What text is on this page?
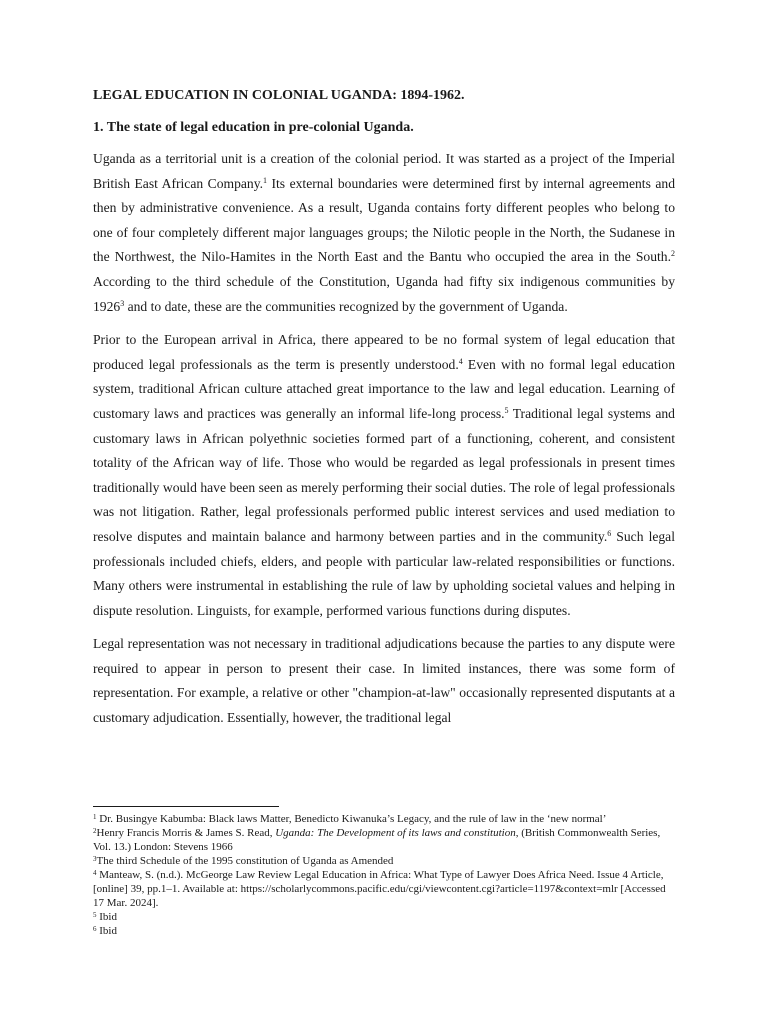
LEGAL EDUCATION IN COLONIAL UGANDA: 1894-1962.

1. The state of legal education in pre-colonial Uganda.

Uganda as a territorial unit is a creation of the colonial period. It was started as a project of the Imperial British East African Company.$^1$ Its external boundaries were determined first by internal agreements and then by administrative convenience. As a result, Uganda contains forty different peoples who belong to one of four completely different major languages groups; the Nilotic people in the North, the Sudanese in the Northwest, the Nilo-Hamites in the North East and the Bantu who occupied the area in the South.$^2$ According to the third schedule of the Constitution, Uganda had fifty six indigenous communities by 1926$^3$ and to date, these are the communities recognized by the government of Uganda.

Prior to the European arrival in Africa, there appeared to be no formal system of legal education that produced legal professionals as the term is presently understood.$^4$ Even with no formal legal education system, traditional African culture attached great importance to the law and legal education. Learning of customary laws and practices was generally an informal life-long process.$^5$ Traditional legal systems and customary laws in African polyethnic societies formed part of a functioning, coherent, and consistent totality of the African way of life. Those who would be regarded as legal professionals in present times traditionally would have been seen as merely performing their social duties. The role of legal professionals was not litigation. Rather, legal professionals performed public interest services and used mediation to resolve disputes and maintain balance and harmony between parties and in the community.$^6$ Such legal professionals included chiefs, elders, and people with particular law-related responsibilities or functions. Many others were instrumental in establishing the rule of law by upholding societal values and helping in dispute resolution. Linguists, for example, performed various functions during disputes.

Legal representation was not necessary in traditional adjudications because the parties to any dispute were required to appear in person to present their case. In limited instances, there was some form of representation. For example, a relative or other "champion-at-law" occasionally represented disputants at a customary adjudication. Essentially, however, the traditional legal

$^1$ Dr. Busingye Kabumba: Black laws Matter, Benedicto Kiwanuka’s Legacy, and the rule of law in the ‘new normal’

$^2$Henry Francis Morris & James S. Read, Uganda: The Development of its laws and constitution, (British Commonwealth Series, Vol. 13.) London: Stevens 1966

$^3$The third Schedule of the 1995 constitution of Uganda as Amended

$^4$ Manteaw, S. (n.d.). McGeorge Law Review Legal Education in Africa: What Type of Lawyer Does Africa Need. Issue 4 Article, [online] 39, pp.1–1. Available at: https://scholarlycommons.pacific.edu/cgi/viewcontent.cgi?article=1197&context=mlr [Accessed 17 Mar. 2024].

$^5$ Ibid

$^6$ Ibid
